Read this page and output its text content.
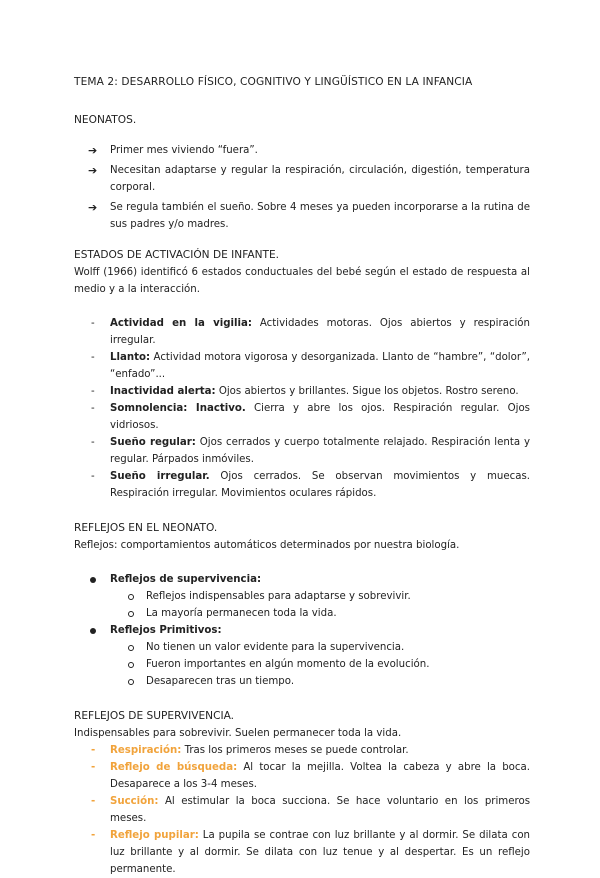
TEMA 2: DESARROLLO FÍSICO, COGNITIVO Y LINGÜÍSTICO EN LA INFANCIA

NEONATOS.

➔ Primer mes viviendo “fuera”.
➔ Necesitan adaptarse y regular la respiración, circulación, digestión, temperatura corporal.

➔ Se regula también el sueño. Sobre 4 meses ya pueden incorporarse a la rutina de sus padres y/o madres.

ESTADOS DE ACTIVACIÓN DE INFANTE.

Wolff (1966) identificó 6 estados conductuales del bebé según el estado de respuesta al medio y a la interacción.

- Actividad en la vigilia: Actividades motoras. Ojos abiertos y respiración irregular.

- Llanto: Actividad motora vigorosa y desorganizada. Llanto de “hambre”, “dolor”, “enfado”...

- Inactividad alerta: Ojos abiertos y brillantes. Sigue los objetos. Rostro sereno.

- Somnolencia: Inactivo. Cierra y abre los ojos. Respiración regular. Ojos vidriosos.

- Sueño regular: Ojos cerrados y cuerpo totalmente relajado. Respiración lenta y regular. Párpados inmóviles.

- Sueño irregular. Ojos cerrados. Se observan movimientos y muecas. Respiración irregular. Movimientos oculares rápidos.

REFLEJOS EN EL NEONATO.

Reflejos: comportamientos automáticos determinados por nuestra biología.

Reflejos de supervivencia:
Reflejos indispensables para adaptarse y sobrevivir.
La mayoría permanecen toda la vida.
Reflejos Primitivos:
No tienen un valor evidente para la supervivencia.
Fueron importantes en algún momento de la evolución.
Desaparecen tras un tiempo.

REFLEJOS DE SUPERVIVENCIA.

Indispensables para sobrevivir. Suelen permanecer toda la vida.

- Respiración: Tras los primeros meses se puede controlar.

- Reflejo de búsqueda: Al tocar la mejilla. Voltea la cabeza y abre la boca. Desaparece a los 3-4 meses.

- Succión: Al estimular la boca succiona. Se hace voluntario en los primeros meses.

- Reflejo pupilar: La pupila se contrae con luz brillante y al dormir. Se dilata con luz brillante y al dormir. Se dilata con luz tenue y al despertar. Es un reflejo permanente.
